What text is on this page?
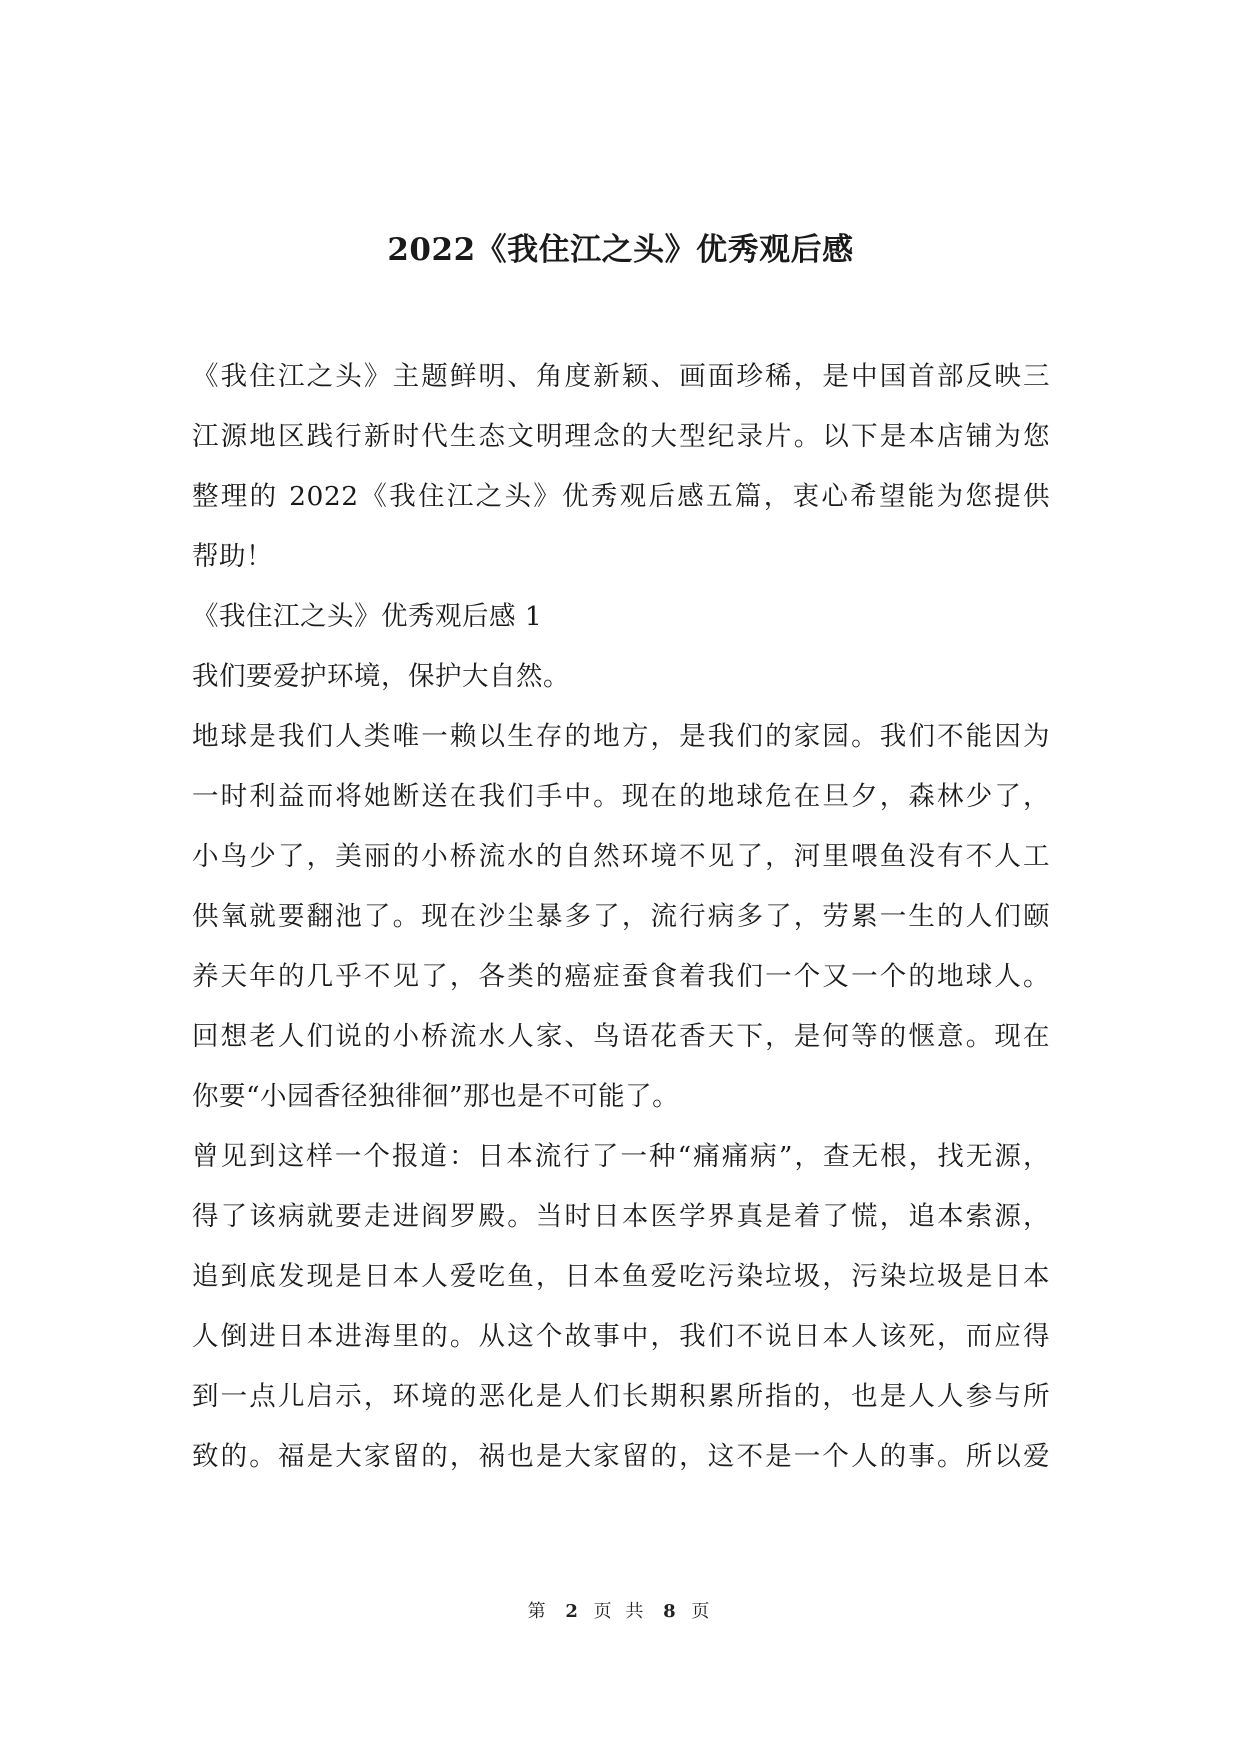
2022《我住江之头》优秀观后感
《我住江之头》主题鲜明、角度新颖、画面珍稀，是中国首部反映三
江源地区践行新时代生态文明理念的大型纪录片。以下是本店铺为您
整理的 2022《我住江之头》优秀观后感五篇，衷心希望能为您提供
帮助！
《我住江之头》优秀观后感 1
我们要爱护环境，保护大自然。
地球是我们人类唯一赖以生存的地方，是我们的家园。我们不能因为
一时利益而将她断送在我们手中。现在的地球危在旦夕，森林少了，
小鸟少了，美丽的小桥流水的自然环境不见了，河里喂鱼没有不人工
供氧就要翻池了。现在沙尘暴多了，流行病多了，劳累一生的人们颐
养天年的几乎不见了，各类的癌症蚕食着我们一个又一个的地球人。
回想老人们说的小桥流水人家、鸟语花香天下，是何等的惬意。现在
你要“小园香径独徘徊”那也是不可能了。
曾见到这样一个报道：日本流行了一种“痛痛病”，查无根，找无源，
得了该病就要走进阎罗殿。当时日本医学界真是着了慌，追本索源，
追到底发现是日本人爱吃鱼，日本鱼爱吃污染垃圾，污染垃圾是日本
人倒进日本进海里的。从这个故事中，我们不说日本人该死，而应得
到一点儿启示，环境的恶化是人们长期积累所指的，也是人人参与所
致的。福是大家留的，祸也是大家留的，这不是一个人的事。所以爱
第 2 页 共 8 页
